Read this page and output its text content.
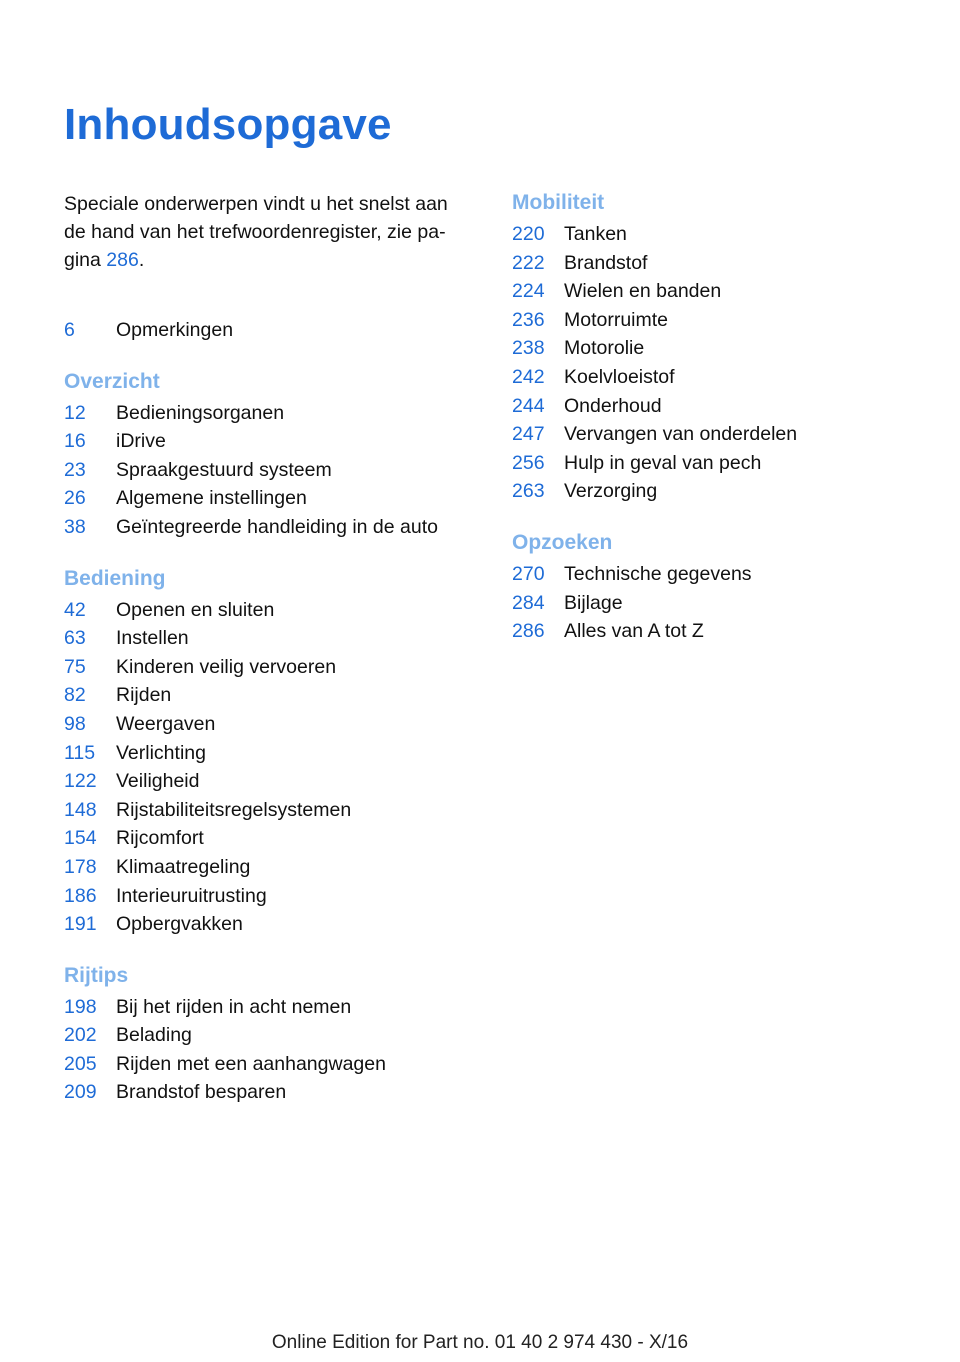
Inhoudsopgave

Speciale onderwerpen vindt u het snelst aan de hand van het trefwoordenregister, zie pa-gina 286.

6	Opmerkingen
Overzicht
12	Bedieningsorganen
16	iDrive
23	Spraakgestuurd systeem
26	Algemene instellingen
38	Geïntegreerde handleiding in de auto
Bediening
42	Openen en sluiten
63	Instellen
75	Kinderen veilig vervoeren
82	Rijden
98	Weergaven
115	Verlichting
122 Veiligheid
148 Rijstabiliteitsregelsystemen
154 Rijcomfort
178 Klimaatregeling
186 Interieuruitrusting
191 Opbergvakken
Rijtips
198 Bij het rijden in acht nemen
202 Belading
205 Rijden met een aanhangwagen
209 Brandstof besparen
Mobiliteit
220 Tanken
222 Brandstof
224 Wielen en banden
236 Motorruimte
238 Motorolie
242 Koelvloeistof
244 Onderhoud
247 Vervangen van onderdelen
256 Hulp in geval van pech
263 Verzorging
Opzoeken
270 Technische gegevens
284 Bijlage
286 Alles van A tot Z
Online Edition for Part no. 01 40 2 974 430 - X/16
